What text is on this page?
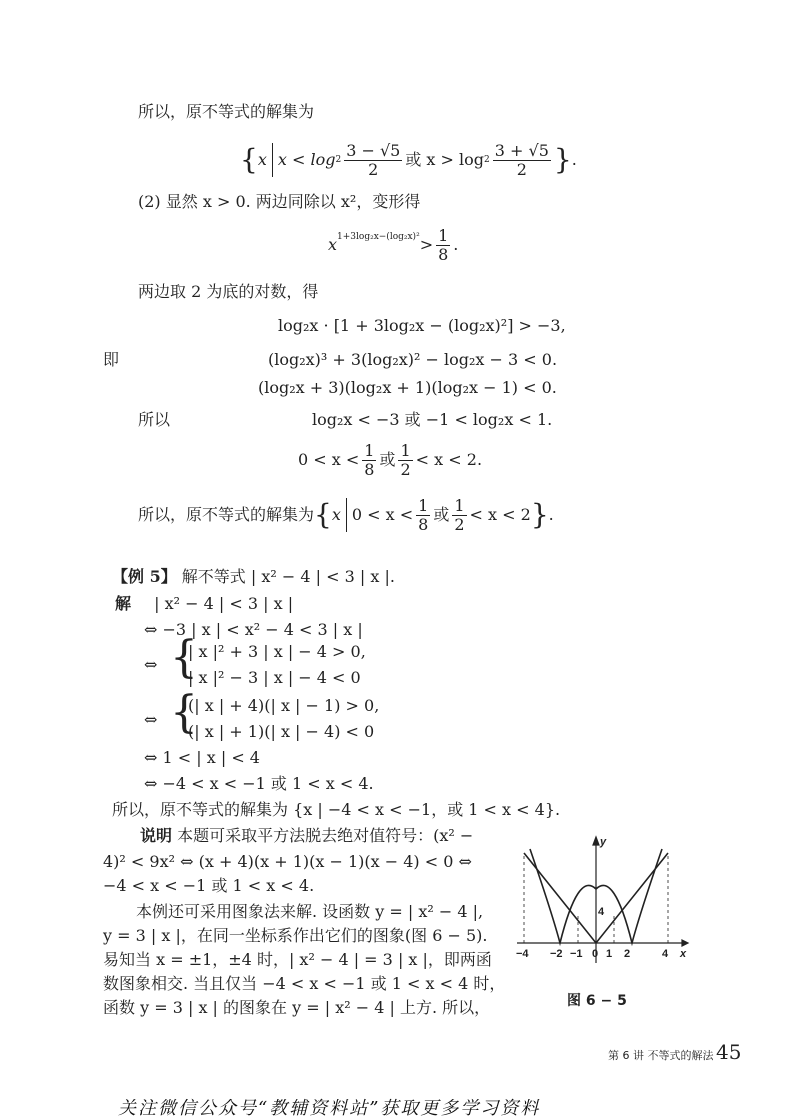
所以，原不等式的解集为
{ x $x < \log 2 \frac{3 - √5}{2}$ 或 $x > \log 2 \frac{3 + √5}{2}$ } .
(2) 显然 x > 0. 两边同除以 x²，变形得
x $1+3\log_2x-(\log_2x)^2 > \frac{1}{8}$ .
两边取 2 为底的对数，得
log₂x · [1 + 3log₂x − (log₂x)²] > −3,
即	(log₂x)³ + 3(log₂x)² − log₂x − 3 < 0.
(log₂x + 3)(log₂x + 1)(log₂x − 1) < 0.
所以	log₂x < −3 或 −1 < log₂x < 1.
$0 < x < \frac{1}{8}$ 或 $\frac{1}{2} < x < 2$.
所以，原不等式的解集为 { x $0 < x < \frac{1}{8}$ 或 $\frac{1}{2} < x < 2$ } .
【例 5】 解不等式 | x² − 4 | < 3 | x |.
解 | x² − 4 | < 3 | x |
⇔ −3 | x | < x² − 4 < 3 | x |
⇔ {
| x |² + 3 | x | − 4 > 0,
| x |² − 3 | x | − 4 < 0
⇔ {
(| x | + 4)(| x | − 1) > 0,
(| x | + 1)(| x | − 4) < 0
⇔ 1 < | x | < 4
⇔ −4 < x < −1 或 1 < x < 4.
所以，原不等式的解集为 {x | −4 < x < −1，或 1 < x < 4}.
说明 本题可采取平方法脱去绝对值符号：(x² −
4)² < 9x² ⇔ (x + 4)(x + 1)(x − 1)(x − 4) < 0 ⇔
−4 < x < −1 或 1 < x < 4.
本例还可采用图象法来解. 设函数 y = | x² − 4 |,
y = 3 | x |，在同一坐标系作出它们的图象(图 6 − 5).
易知当 x = ±1，±4 时，| x² − 4 | = 3 | x |，即两函
数图象相交. 当且仅当 −4 < x < −1 或 1 < x < 4 时，
函数 y = 3 | x | 的图象在 y = | x² − 4 | 上方. 所以，
y
x
4
−4 −2 −1 0 1 2	4
图 6 − 5
第 6 讲 不等式的解法 45
关注微信公众号“教辅资料站”获取更多学习资料
